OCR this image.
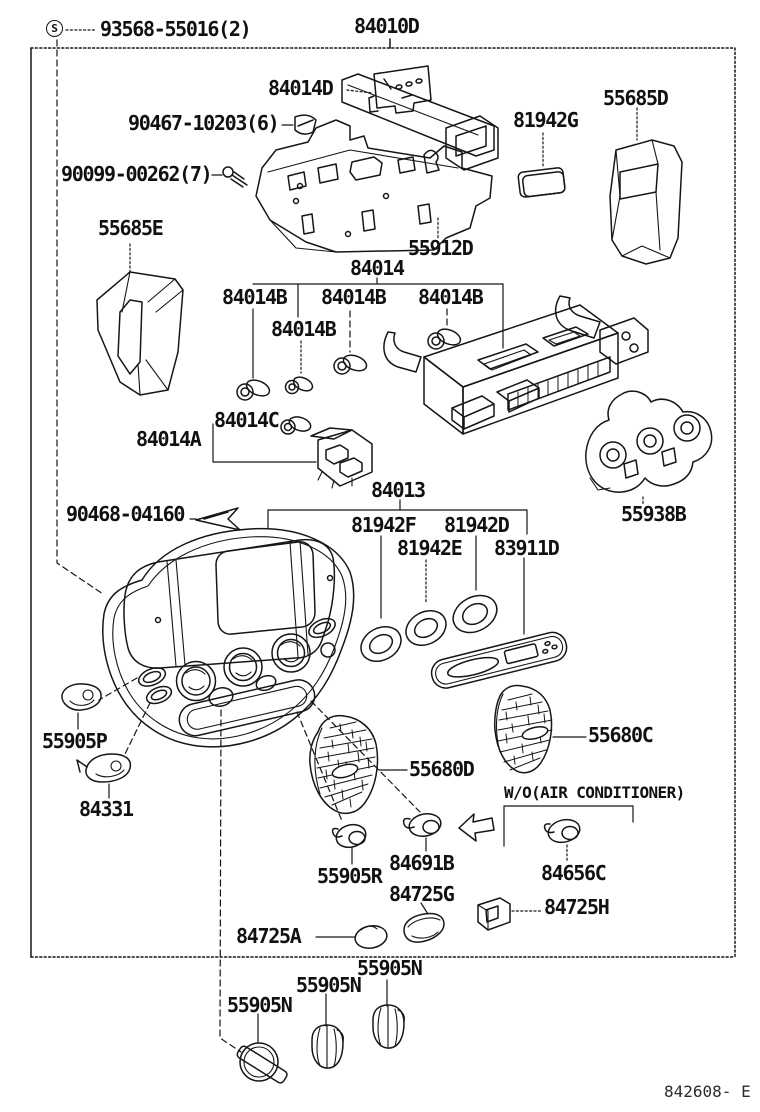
S 93568-55016(2)	84010D
84014D
90467-10203(6)	81942G
55685D
90099-00262(7)
55685E
55912D
84014
84014B 84014B 84014B
84014B
84014C
84014A
84013
90468-04160	81942F 81942D
81942E 83911D
55938B
55905P
84331
55680D
55680C
W/O(AIR CONDITIONER)
55905R
84691B
84725G
84656C
84725H
84725A
55905N
55905N
55905N
842608- E
